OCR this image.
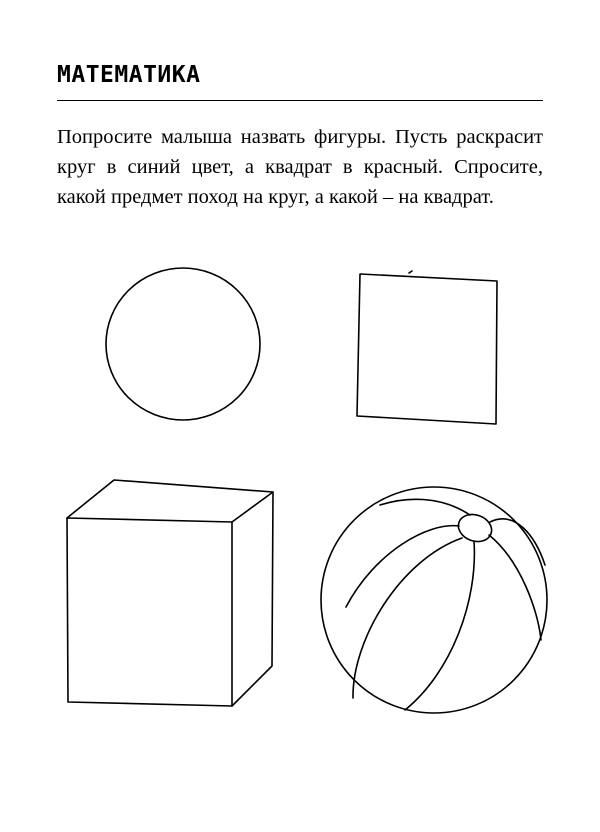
МАТЕМАТИКА

Попросите малыша назвать фигуры. Пусть раскрасит круг в синий цвет, а квадрат в красный. Спросите, какой предмет поход на круг, а какой – на квадрат.
